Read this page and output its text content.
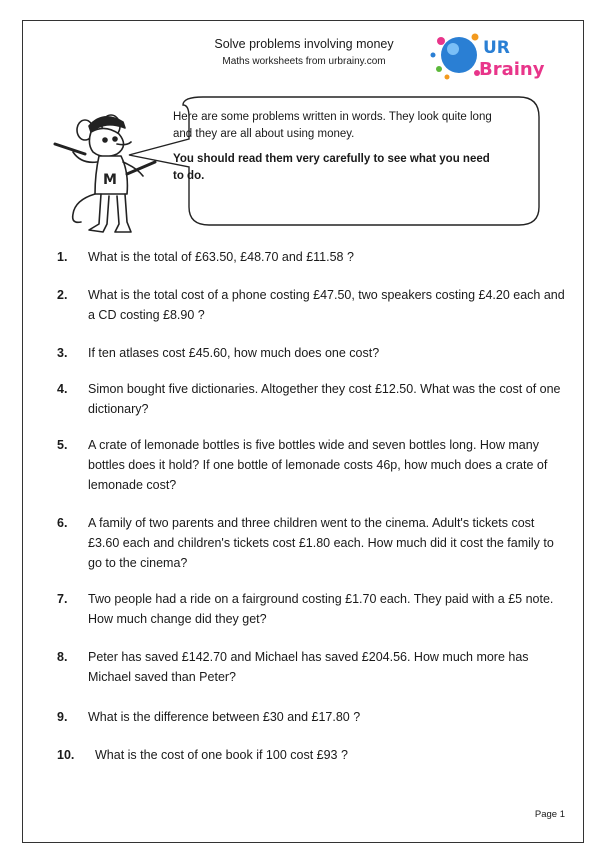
Solve problems involving money
Maths worksheets from urbrainy.com
UR
Brainy
M

Here are some problems written in words. They look quite long and they are all about using money.

You should read them very carefully to see what you need to do.

1.	What is the total of £63.50, £48.70 and £11.58 ?
2.	What is the total cost of a phone costing £47.50, two speakers costing £4.20 each and a CD costing £8.90 ?
3.	If ten atlases cost £45.60, how much does one cost?
4.	Simon bought five dictionaries. Altogether they cost £12.50. What was the cost of one dictionary?
5.	A crate of lemonade bottles is five bottles wide and seven bottles long. How many bottles does it hold? If one bottle of lemonade costs 46p, how much does a crate of lemonade cost?
6.	A family of two parents and three children went to the cinema. Adult's tickets cost £3.60 each and children's tickets cost £1.80 each. How much did it cost the family to go to the cinema?
7.	Two people had a ride on a fairground costing £1.70 each. They paid with a £5 note. How much change did they get?
8.	Peter has saved £142.70 and Michael has saved £204.56. How much more has Michael saved than Peter?
9.	What is the difference between £30 and £17.80 ?
10.	What is the cost of one book if 100 cost £93 ?
Page 1
